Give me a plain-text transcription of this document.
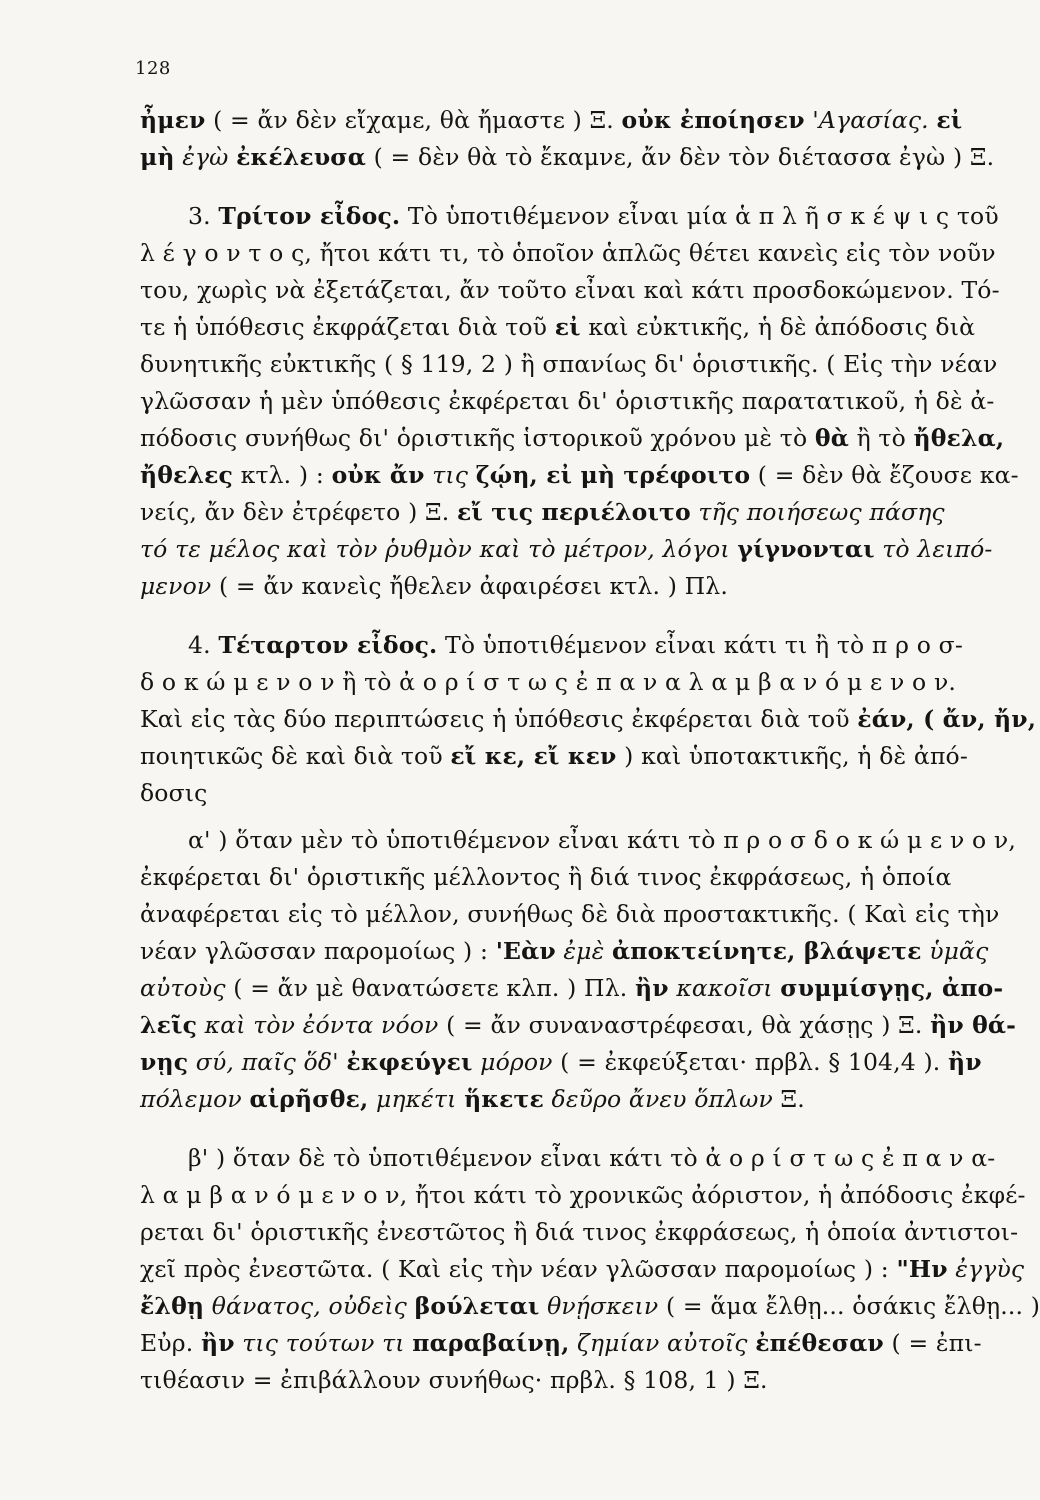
128
ἦμεν ( = ἄν δὲν εἴχαμε, θὰ ἤμαστε ) Ξ. οὐκ ἐποίησεν 'Αγασίας. εἰ
μὴ ἐγὼ ἐκέλευσα ( = δὲν θὰ τὸ ἔκαμνε, ἄν δὲν τὸν διέτασσα ἐγὼ ) Ξ.
3. Τρίτον εἶδος. Τὸ ὑποτιθέμενον εἶναι μία ἁ π λ ῆ σ κ έ ψ ι ς τοῦ
λ έ γ ο ν τ ο ς, ἤτοι κάτι τι, τὸ ὁποῖον ἁπλῶς θέτει κανεὶς εἰς τὸν νοῦν
του, χωρὶς νὰ ἐξετάζεται, ἄν τοῦτο εἶναι καὶ κάτι προσδοκώμενον. Τό-
τε ἡ ὑπόθεσις ἐκφράζεται διὰ τοῦ εἰ καὶ εὐκτικῆς, ἡ δὲ ἀπόδοσις διὰ
δυνητικῆς εὐκτικῆς ( § 119, 2 ) ἢ σπανίως δι' ὁριστικῆς. ( Εἰς τὴν νέαν
γλῶσσαν ἡ μὲν ὑπόθεσις ἐκφέρεται δι' ὁριστικῆς παρατατικοῦ, ἡ δὲ ἀ-
πόδοσις συνήθως δι' ὁριστικῆς ἱστορικοῦ χρόνου μὲ τὸ θὰ ἢ τὸ ἤθελα,
ἤθελες κτλ. ) : οὐκ ἄν τις ζῴη, εἰ μὴ τρέφοιτο ( = δὲν θὰ ἔζουσε κα-
νείς, ἄν δὲν ἐτρέφετο ) Ξ. εἴ τις περιέλοιτο τῆς ποιήσεως πάσης
τό τε μέλος καὶ τὸν ῥυθμὸν καὶ τὸ μέτρον, λόγοι γίγνονται τὸ λειπό-
μενον ( = ἄν κανεὶς ἤθελεν ἀφαιρέσει κτλ. ) Πλ.
4. Τέταρτον εἶδος. Τὸ ὑποτιθέμενον εἶναι κάτι τι ἢ τὸ π ρ ο σ-
δ ο κ ώ μ ε ν ο ν ἢ τὸ ἀ ο ρ ί σ τ ω ς ἐ π α ν α λ α μ β α ν ό μ ε ν ο ν.
Καὶ εἰς τὰς δύο περιπτώσεις ἡ ὑπόθεσις ἐκφέρεται διὰ τοῦ ἐάν, ( ἄν, ἤν,
ποιητικῶς δὲ καὶ διὰ τοῦ εἴ κε, εἴ κεν ) καὶ ὑποτακτικῆς, ἡ δὲ ἀπό-
δοσις
α' ) ὅταν μὲν τὸ ὑποτιθέμενον εἶναι κάτι τὸ π ρ ο σ δ ο κ ώ μ ε ν ο ν,
ἐκφέρεται δι' ὁριστικῆς μέλλοντος ἢ διά τινος ἐκφράσεως, ἡ ὁποία
ἀναφέρεται εἰς τὸ μέλλον, συνήθως δὲ διὰ προστακτικῆς. ( Καὶ εἰς τὴν
νέαν γλῶσσαν παρομοίως ) : 'Εὰν ἐμὲ ἀποκτείνητε, βλάψετε ὑμᾶς
αὐτοὺς ( = ἄν μὲ θανατώσετε κλπ. ) Πλ. ἢν κακοῖσι συμμίσγῃς, ἀπο-
λεῖς καὶ τὸν ἐόντα νόον ( = ἄν συναναστρέφεσαι, θὰ χάσῃς ) Ξ. ἢν θά-
νῃς σύ, παῖς ὅδ' ἐκφεύγει μόρον ( = ἐκφεύξεται· πρβλ. § 104,4 ). ἢν
πόλεμον αἱρῆσθε, μηκέτι ἥκετε δεῦρο ἄνευ ὅπλων Ξ.
β' ) ὅταν δὲ τὸ ὑποτιθέμενον εἶναι κάτι τὸ ἀ ο ρ ί σ τ ω ς ἐ π α ν α-
λ α μ β α ν ό μ ε ν ο ν, ἤτοι κάτι τὸ χρονικῶς ἀόριστον, ἡ ἀπόδοσις ἐκφέ-
ρεται δι' ὁριστικῆς ἐνεστῶτος ἢ διά τινος ἐκφράσεως, ἡ ὁποία ἀντιστοι-
χεῖ πρὸς ἐνεστῶτα. ( Καὶ εἰς τὴν νέαν γλῶσσαν παρομοίως ) : "Ην ἐγγὺς
ἔλθῃ θάνατος, οὐδεὶς βούλεται θνῄσκειν ( = ἅμα ἔλθῃ... ὁσάκις ἔλθῃ... )
Εὐρ. ἢν τις τούτων τι παραβαίνῃ, ζημίαν αὐτοῖς ἐπέθεσαν ( = ἐπι-
τιθέασιν = ἐπιβάλλουν συνήθως· πρβλ. § 108, 1 ) Ξ.
